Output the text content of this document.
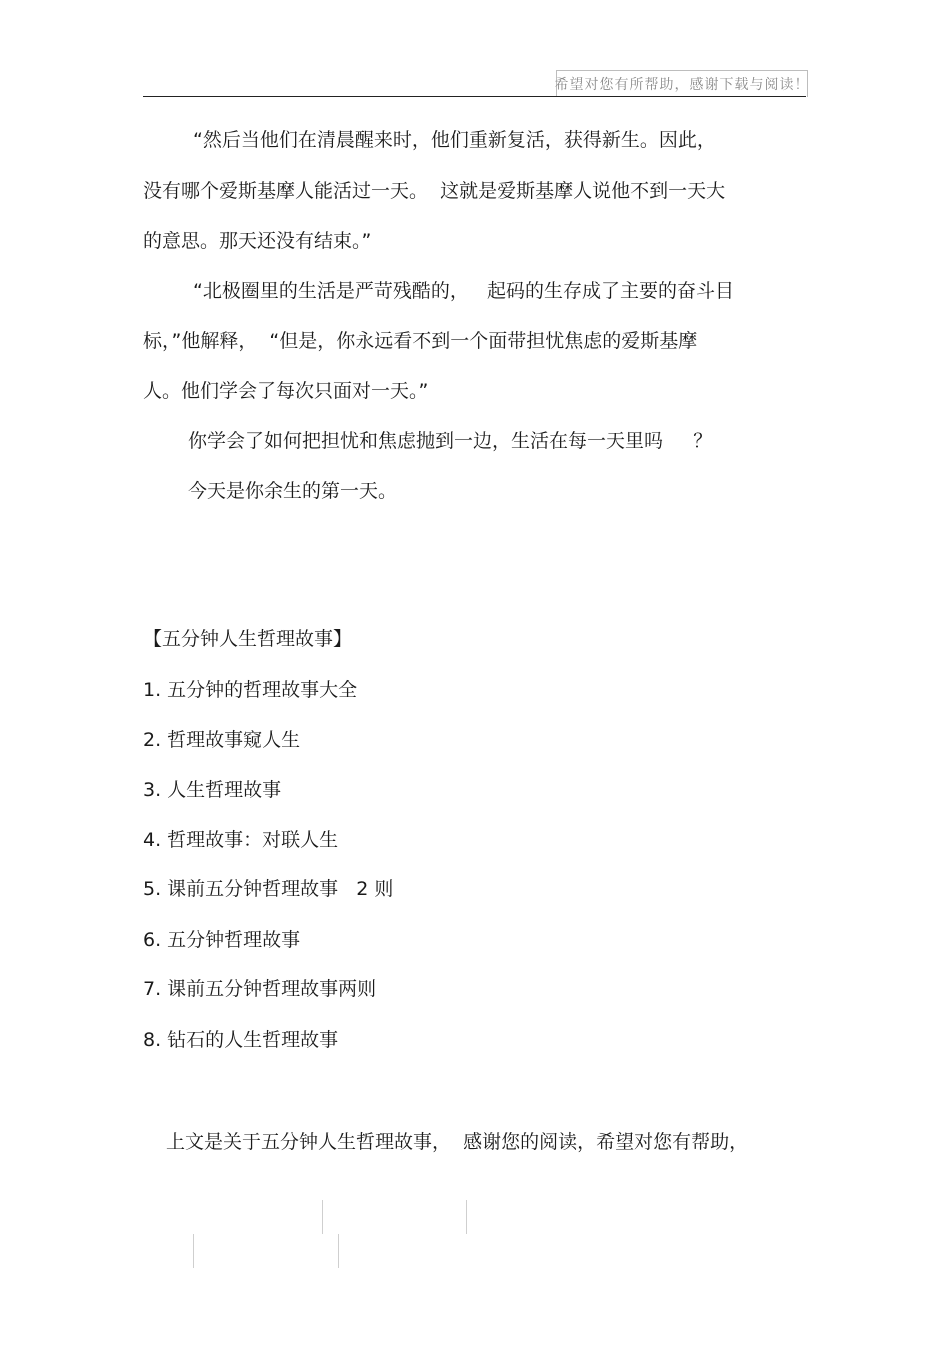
希望对您有所帮助，感谢下载与阅读！
“然后当他们在清晨醒来时，他们重新复活，获得新生。因此，
没有哪个爱斯基摩人能活过一天。  这就是爱斯基摩人说他不到一天大
的意思。那天还没有结束。”
“北极圈里的生活是严苛残酷的，   起码的生存成了主要的奋斗目
标，”他解释，  “但是，你永远看不到一个面带担忧焦虑的爱斯基摩
人。他们学会了每次只面对一天。”
你学会了如何把担忧和焦虑抛到一边，生活在每一天里吗     ？
今天是你余生的第一天。
【五分钟人生哲理故事】
1. 五分钟的哲理故事大全
2. 哲理故事窥人生
3. 人生哲理故事
4. 哲理故事：对联人生
5. 课前五分钟哲理故事   2 则
6. 五分钟哲理故事
7. 课前五分钟哲理故事两则
8. 钻石的人生哲理故事
上文是关于五分钟人生哲理故事，  感谢您的阅读，希望对您有帮助，
